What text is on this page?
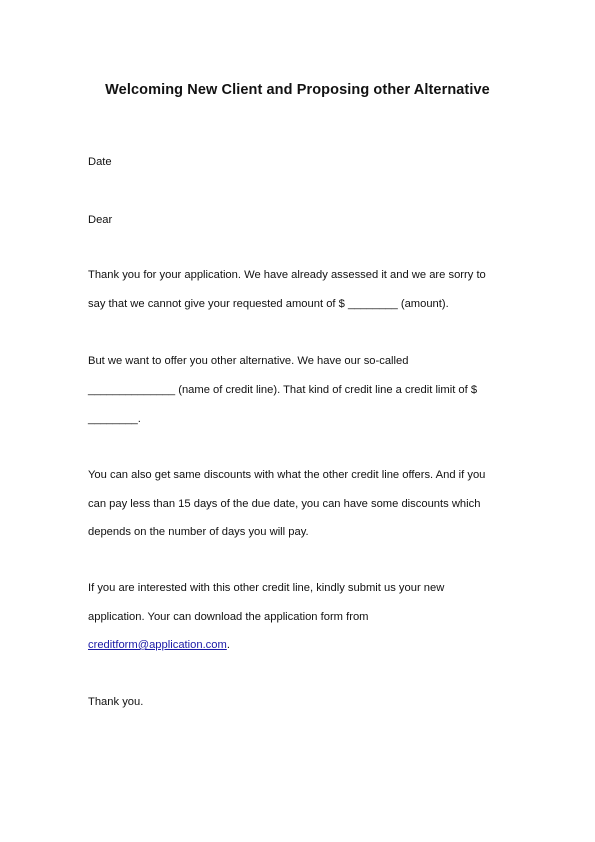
Welcoming New Client and Proposing other Alternative
Date
Dear
Thank you for your application. We have already assessed it and we are sorry to
say that we cannot give your requested amount of $ ________ (amount).
But we want to offer you other alternative. We have our so-called
______________ (name of credit line). That kind of credit line a credit limit of $
________.
You can also get same discounts with what the other credit line offers. And if you
can pay less than 15 days of the due date, you can have some discounts which
depends on the number of days you will pay.
If you are interested with this other credit line, kindly submit us your new
application. Your can download the application form from
creditform@application.com.
Thank you.
